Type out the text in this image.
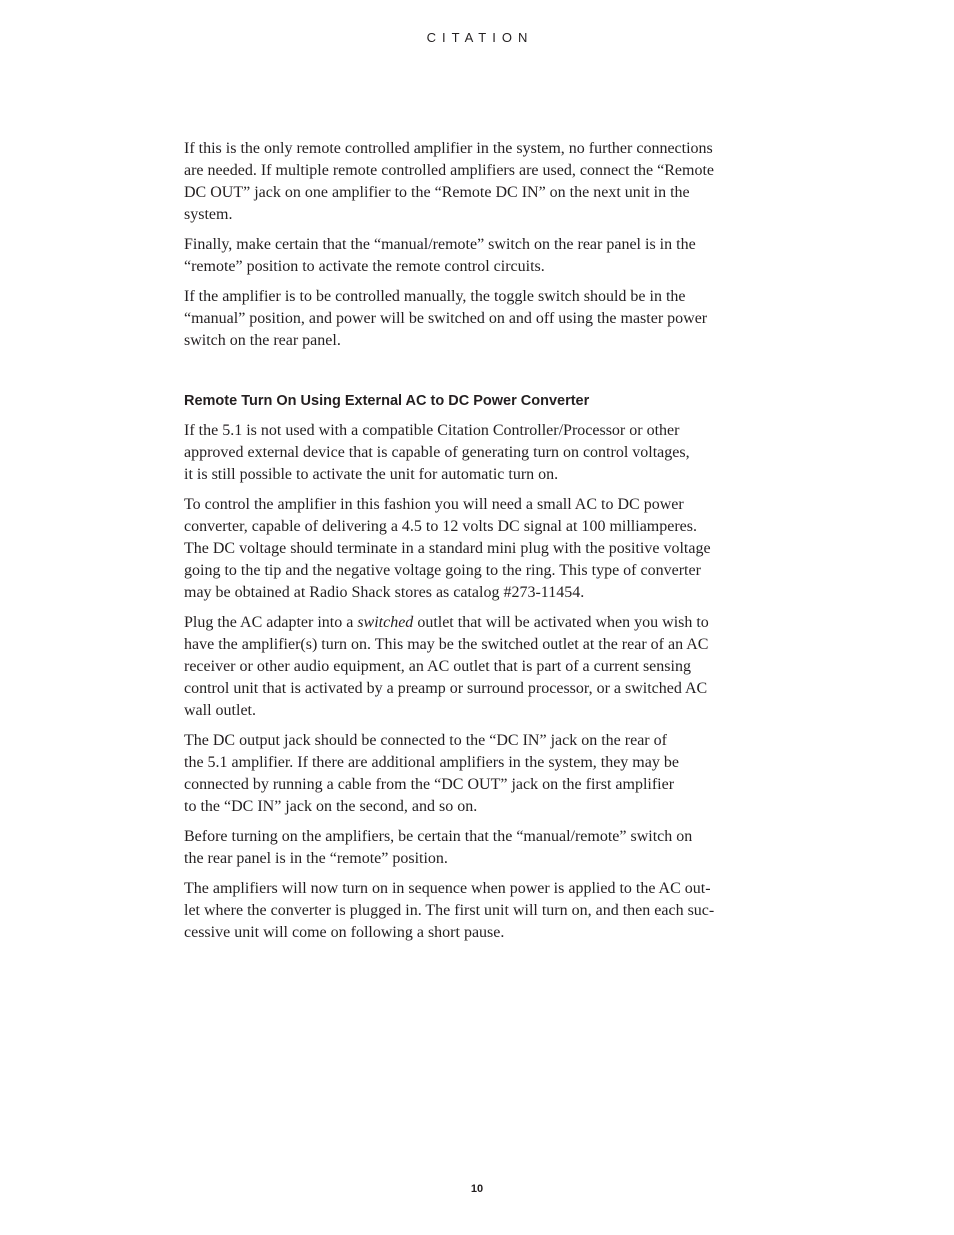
CITATION

If this is the only remote controlled amplifier in the system, no further connections
are needed. If multiple remote controlled amplifiers are used, connect the “Remote
DC OUT” jack on one amplifier to the “Remote DC IN” on the next unit in the
system.

Finally, make certain that the “manual/remote” switch on the rear panel is in the
“remote” position to activate the remote control circuits.

If the amplifier is to be controlled manually, the toggle switch should be in the
“manual” position, and power will be switched on and off using the master power
switch on the rear panel.

Remote Turn On Using External AC to DC Power Converter

If the 5.1 is not used with a compatible Citation Controller/Processor or other
approved external device that is capable of generating turn on control voltages,
it is still possible to activate the unit for automatic turn on.

To control the amplifier in this fashion you will need a small AC to DC power
converter, capable of delivering a 4.5 to 12 volts DC signal at 100 milliamperes.
The DC voltage should terminate in a standard mini plug with the positive voltage
going to the tip and the negative voltage going to the ring. This type of converter
may be obtained at Radio Shack stores as catalog #273-11454.

Plug the AC adapter into a switched outlet that will be activated when you wish to
have the amplifier(s) turn on. This may be the switched outlet at the rear of an AC
receiver or other audio equipment, an AC outlet that is part of a current sensing
control unit that is activated by a preamp or surround processor, or a switched AC
wall outlet.

The DC output jack should be connected to the “DC IN” jack on the rear of
the 5.1 amplifier. If there are additional amplifiers in the system, they may be
connected by running a cable from the “DC OUT” jack on the first amplifier
to the “DC IN” jack on the second, and so on.

Before turning on the amplifiers, be certain that the “manual/remote” switch on
the rear panel is in the “remote” position.

The amplifiers will now turn on in sequence when power is applied to the AC out-
let where the converter is plugged in. The first unit will turn on, and then each suc-
cessive unit will come on following a short pause.

10
